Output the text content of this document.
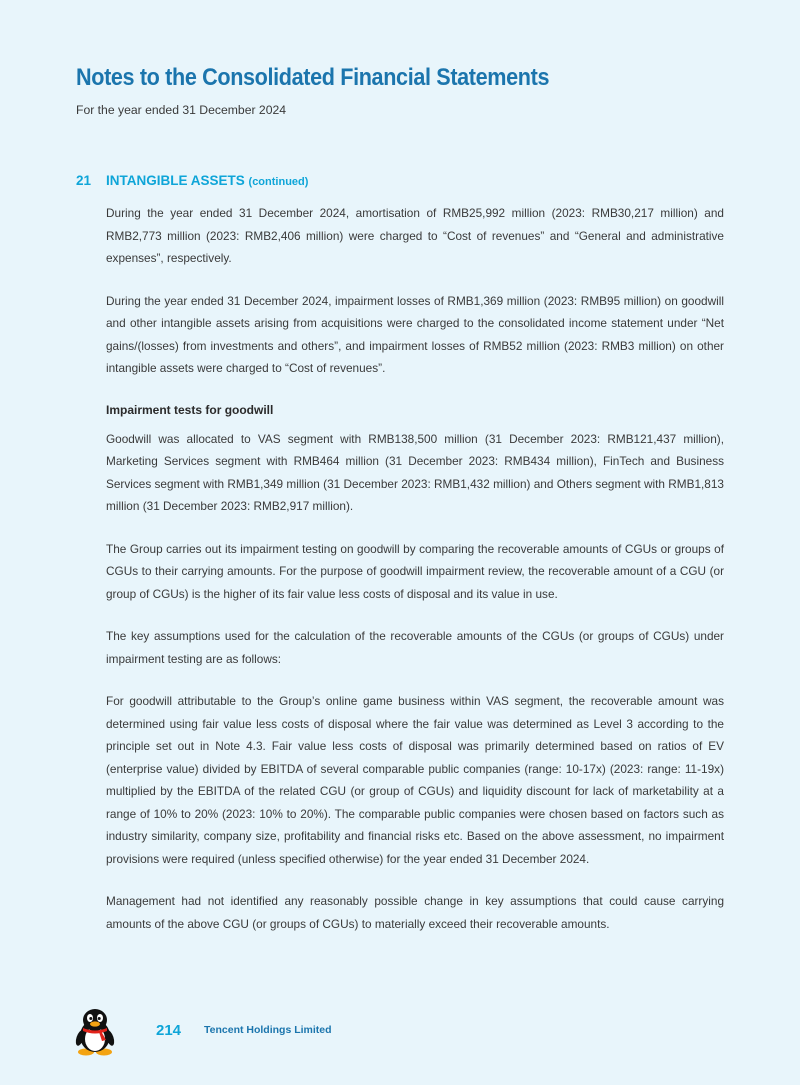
Notes to the Consolidated Financial Statements
For the year ended 31 December 2024
21 INTANGIBLE ASSETS (continued)

During the year ended 31 December 2024, amortisation of RMB25,992 million (2023: RMB30,217 million) and RMB2,773 million (2023: RMB2,406 million) were charged to “Cost of revenues” and “General and administrative expenses”, respectively.

During the year ended 31 December 2024, impairment losses of RMB1,369 million (2023: RMB95 million) on goodwill and other intangible assets arising from acquisitions were charged to the consolidated income statement under “Net gains/(losses) from investments and others”, and impairment losses of RMB52 million (2023: RMB3 million) on other intangible assets were charged to “Cost of revenues”.

Impairment tests for goodwill

Goodwill was allocated to VAS segment with RMB138,500 million (31 December 2023: RMB121,437 million), Marketing Services segment with RMB464 million (31 December 2023: RMB434 million), FinTech and Business Services segment with RMB1,349 million (31 December 2023: RMB1,432 million) and Others segment with RMB1,813 million (31 December 2023: RMB2,917 million).

The Group carries out its impairment testing on goodwill by comparing the recoverable amounts of CGUs or groups of CGUs to their carrying amounts. For the purpose of goodwill impairment review, the recoverable amount of a CGU (or group of CGUs) is the higher of its fair value less costs of disposal and its value in use.

The key assumptions used for the calculation of the recoverable amounts of the CGUs (or groups of CGUs) under impairment testing are as follows:

For goodwill attributable to the Group’s online game business within VAS segment, the recoverable amount was determined using fair value less costs of disposal where the fair value was determined as Level 3 according to the principle set out in Note 4.3. Fair value less costs of disposal was primarily determined based on ratios of EV (enterprise value) divided by EBITDA of several comparable public companies (range: 10-17x) (2023: range: 11-19x) multiplied by the EBITDA of the related CGU (or group of CGUs) and liquidity discount for lack of marketability at a range of 10% to 20% (2023: 10% to 20%). The comparable public companies were chosen based on factors such as industry similarity, company size, profitability and financial risks etc. Based on the above assessment, no impairment provisions were required (unless specified otherwise) for the year ended 31 December 2024.

Management had not identified any reasonably possible change in key assumptions that could cause carrying amounts of the above CGU (or groups of CGUs) to materially exceed their recoverable amounts.

214 Tencent Holdings Limited
